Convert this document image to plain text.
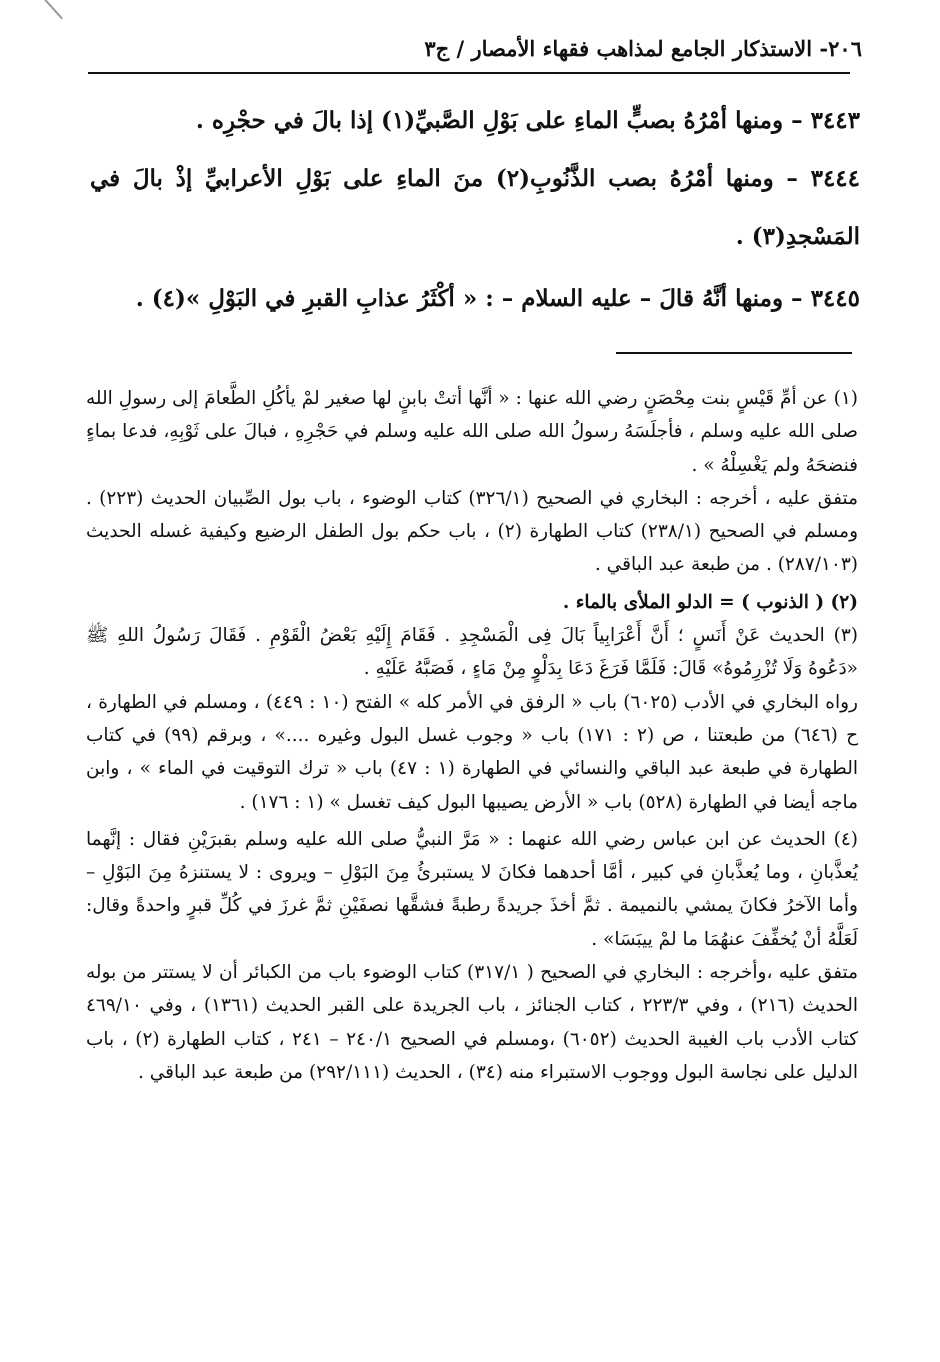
٢٠٦- الاستذكار الجامع لمذاهب فقهاء الأمصار / ج٣

٣٤٤٣ – ومنها أمْرُهُ بصبٍّ الماءِ على بَوْلِ الصَّبيِّ(١) إذا بالَ في حجْرِه .

٣٤٤٤ – ومنها أمْرُهُ بصب الذَّنُوبِ(٢) منَ الماءِ على بَوْلِ الأعرابيِّ إذْ بالَ في المَسْجدِ(٣) .

٣٤٤٥ – ومنها أنَّهُ قالَ – عليه السلام – : « أكْثَرُ عذابِ القبرِ في البَوْلِ »(٤) .

(١) عن أمِّ قَيْسٍ بنت مِحْصَنٍ رضي الله عنها : « أنَّها أتتْ بابنٍ لها صغير لمْ يأكُلِ الطَّعامَ إلى رسولِ الله صلى الله عليه وسلم ، فأجلَسَهُ رسولُ الله صلى الله عليه وسلم في حَجْرِهِ ، فبالَ على ثَوْبِهِ، فدعا بماءٍ فنضحَهُ ولم يَغْسِلْهُ » .

متفق عليه ، أخرجه : البخاري في الصحيح (٣٢٦/١) كتاب الوضوء ، باب بول الصِّبيان الحديث (٢٢٣) . ومسلم في الصحيح (٢٣٨/١) كتاب الطهارة (٢) ، باب حكم بول الطفل الرضيع وكيفية غسله الحديث (٢٨٧/١٠٣) . من طبعة عبد الباقي .

(٢) ( الذنوب ) = الدلو الملأى بالماء .

(٣) الحديث عَنْ أَنَسٍ ؛ أَنَّ أَعْرَابِياً بَالَ فِى الْمَسْجِدِ . فَقَامَ إِلَيْهِ بَعْضُ الْقَوْمِ . فَقَالَ رَسُولُ اللهِ ﷺ «دَعُوهُ وَلَا تُزْرِمُوهُ» قَالَ: فَلَمَّا فَرَغَ دَعَا بِدَلْوٍ مِنْ مَاءٍ ، فَصَبَّهُ عَلَيْهِ .

رواه البخاري في الأدب (٦٠٢٥) باب « الرفق في الأمر كله » الفتح (١٠ : ٤٤٩) ، ومسلم في الطهارة ، ح (٦٤٦) من طبعتنا ، ص (٢ : ١٧١) باب « وجوب غسل البول وغيره ....» ، وبرقم (٩٩) في كتاب الطهارة في طبعة عبد الباقي والنسائي في الطهارة (١ : ٤٧) باب « ترك التوقيت في الماء » ، وابن ماجه أيضا في الطهارة (٥٢٨) باب « الأرض يصيبها البول كيف تغسل » (١ : ١٧٦) .

(٤) الحديث عن ابن عباس رضي الله عنهما : « مَرَّ النبيُّ صلى الله عليه وسلم بقبرَيْنِ فقال : إنَّهما يُعذَّبانِ ، وما يُعذَّبانِ في كبير ، أمَّا أحدهما فكانَ لا يستبرئُ مِنَ البَوْلِ – ويروى : لا يستنزهُ مِنَ البَوْلِ – وأما الآخرُ فكانَ يمشي بالنميمة . ثمَّ أخذَ جريدةً رطبةً فشقَّها نصفَيْنِ ثمَّ غرزَ في كُلِّ قبرٍ واحدةً وقال: لَعَلَّهُ أنْ يُخفِّفَ عنهُمَا ما لمْ ييبَسَا» .

متفق عليه ،وأخرجه : البخاري في الصحيح ( ٣١٧/١) كتاب الوضوء باب من الكبائر أن لا يستتر من بوله الحديث (٢١٦) ، وفي ٢٢٣/٣ ، كتاب الجنائز ، باب الجريدة على القبر الحديث (١٣٦١) ، وفي ٤٦٩/١٠ كتاب الأدب باب الغيبة الحديث (٦٠٥٢) ،ومسلم في الصحيح ٢٤٠/١ – ٢٤١ ، كتاب الطهارة (٢) ، باب الدليل على نجاسة البول ووجوب الاستبراء منه (٣٤) ، الحديث (٢٩٢/١١١) من طبعة عبد الباقي .
